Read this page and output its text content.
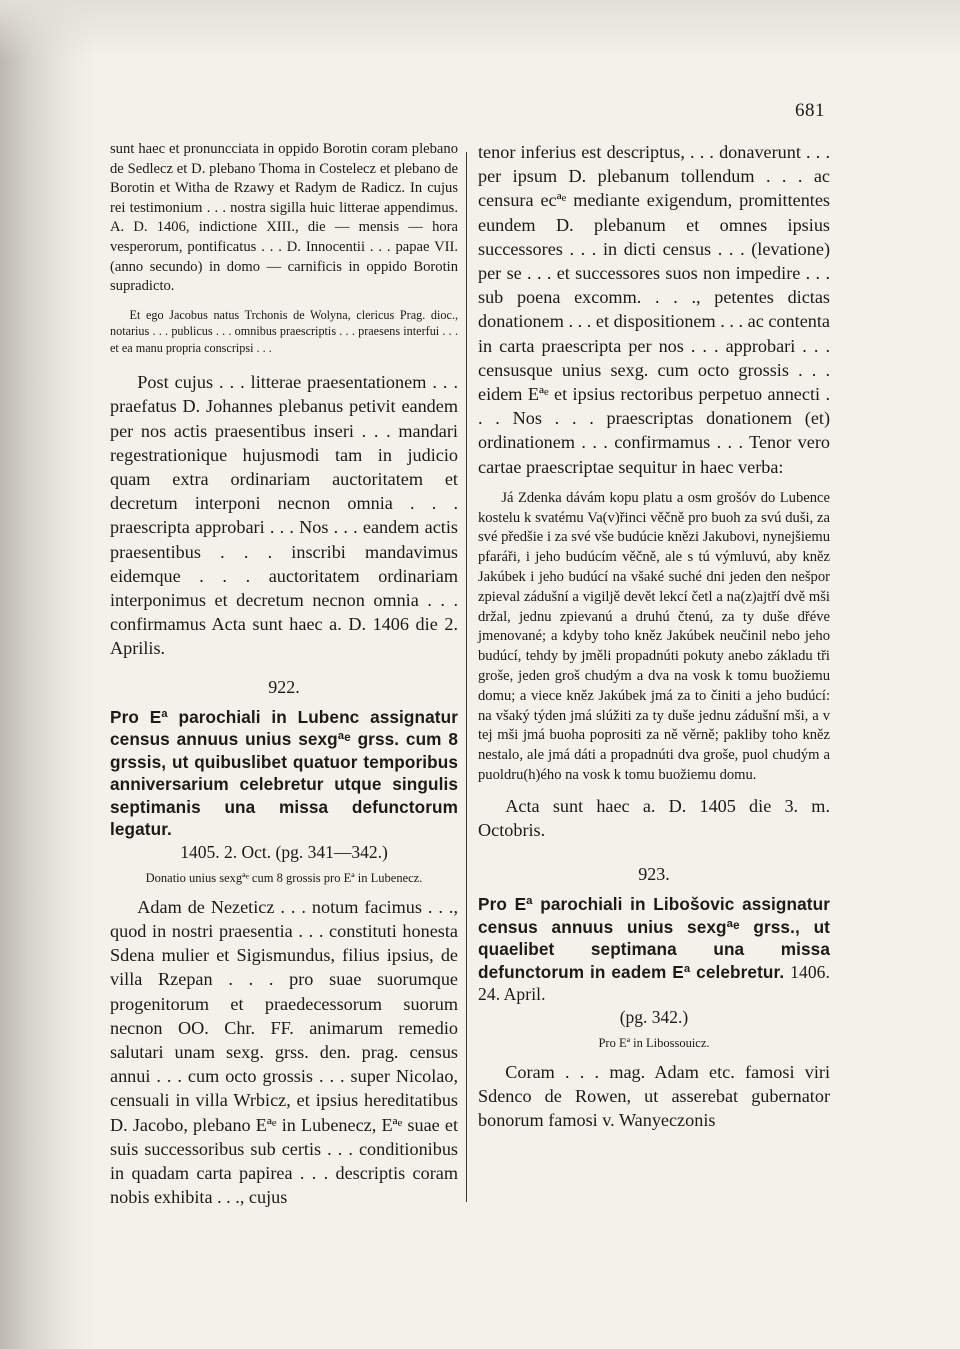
681

sunt haec et pronuncciata in oppido Borotin coram plebano de Sedlecz et D. plebano Thoma in Costelecz et plebano de Borotin et Witha de Rzawy et Radym de Radicz. In cujus rei testimonium . . . nostra sigilla huic litterae appendimus. A. D. 1406, indictione XIII., die — mensis — hora vesperorum, pontificatus . . . D. Innocentii . . . papae VII. (anno secundo) in domo — carnificis in oppido Borotin supradicto.

Et ego Jacobus natus Trchonis de Wolyna, clericus Prag. dioc., notarius . . . publicus . . . omnibus praescriptis . . . praesens interfui . . . et ea manu propria conscripsi . . .

Post cujus . . . litterae praesentationem . . . praefatus D. Johannes plebanus petivit eandem per nos actis praesentibus inseri . . . mandari regestrationique hujusmodi tam in judicio quam extra ordinariam auctoritatem et decretum interponi necnon omnia . . . praescripta approbari . . . Nos . . . eandem actis praesentibus . . . inscribi mandavimus eidemque . . . auctoritatem ordinariam interponimus et decretum necnon omnia . . . confirmamus Acta sunt haec a. D. 1406 die 2. Aprilis.

922.

Pro Eª parochiali in Lubenc assignatur census annuus unius sexgªᵉ grss. cum 8 grssis, ut quibuslibet quatuor temporibus anniversarium celebretur utque singulis septimanis una missa defunctorum legatur.

1405. 2. Oct. (pg. 341—342.)

Donatio unius sexgªᵉ cum 8 grossis pro Eª in Lubenecz.

Adam de Nezeticz . . . notum facimus . . ., quod in nostri praesentia . . . constituti honesta Sdena mulier et Sigismundus, filius ipsius, de villa Rzepan . . . pro suae suorumque progenitorum et praedecessorum suorum necnon OO. Chr. FF. animarum remedio salutari unam sexg. grss. den. prag. census annui . . . cum octo grossis . . . super Nicolao, censuali in villa Wrbicz, et ipsius hereditatibus D. Jacobo, plebano Eªᵉ in Lubenecz, Eªᵉ suae et suis successoribus sub certis . . . conditionibus in quadam carta papirea . . . descriptis coram nobis exhibita . . ., cujus

tenor inferius est descriptus, . . . donaverunt . . . per ipsum D. plebanum tollendum . . . ac censura ecªᵉ mediante exigendum, promittentes eundem D. plebanum et omnes ipsius successores . . . in dicti census . . . (levatione) per se . . . et successores suos non impedire . . . sub poena excomm. . . ., petentes dictas donationem . . . et dispositionem . . . ac contenta in carta praescripta per nos . . . approbari . . . censusque unius sexg. cum octo grossis . . . eidem Eªᵉ et ipsius rectoribus perpetuo annecti . . . Nos . . . praescriptas donationem (et) ordinationem . . . confirmamus . . . Tenor vero cartae praescriptae sequitur in haec verba:

Já Zdenka dávám kopu platu a osm grošóv do Lubence kostelu k svatému Va(v)řinci věčně pro buoh za svú duši, za své předšie i za své vše budúcie knězi Jakubovi, nynejšiemu pfaráři, i jeho budúcím věčně, ale s tú výmluvú, aby kněz Jakúbek i jeho budúcí na všaké suché dni jeden den nešpor zpieval zádušní a vigiljě devět lekcí četl a na(z)ajtří dvě mši držal, jednu zpievanú a druhú čtenú, za ty duše dřéve jmenované; a kdyby toho kněz Jakúbek neučinil nebo jeho budúcí, tehdy by jměli propadnúti pokuty anebo základu tři groše, jeden groš chudým a dva na vosk k tomu buožiemu domu; a viece kněz Jakúbek jmá za to činiti a jeho budúcí: na všaký týden jmá slúžiti za ty duše jednu zádušní mši, a v tej mši jmá buoha poprositi za ně věrně; pakliby toho kněz nestalo, ale jmá dáti a propadnúti dva groše, puol chudým a puoldru(h)ého na vosk k tomu buožiemu domu.

Acta sunt haec a. D. 1405 die 3. m. Octobris.

923.

Pro Eª parochiali in Libošovic assignatur census annuus unius sexgªᵉ grss., ut quaelibet septimana una missa defunctorum in eadem Eª celebretur. 1406. 24. April.

(pg. 342.)

Pro Eª in Libossouicz.

Coram . . . mag. Adam etc. famosi viri Sdenco de Rowen, ut asserebat gubernator bonorum famosi v. Wanyeczonis
